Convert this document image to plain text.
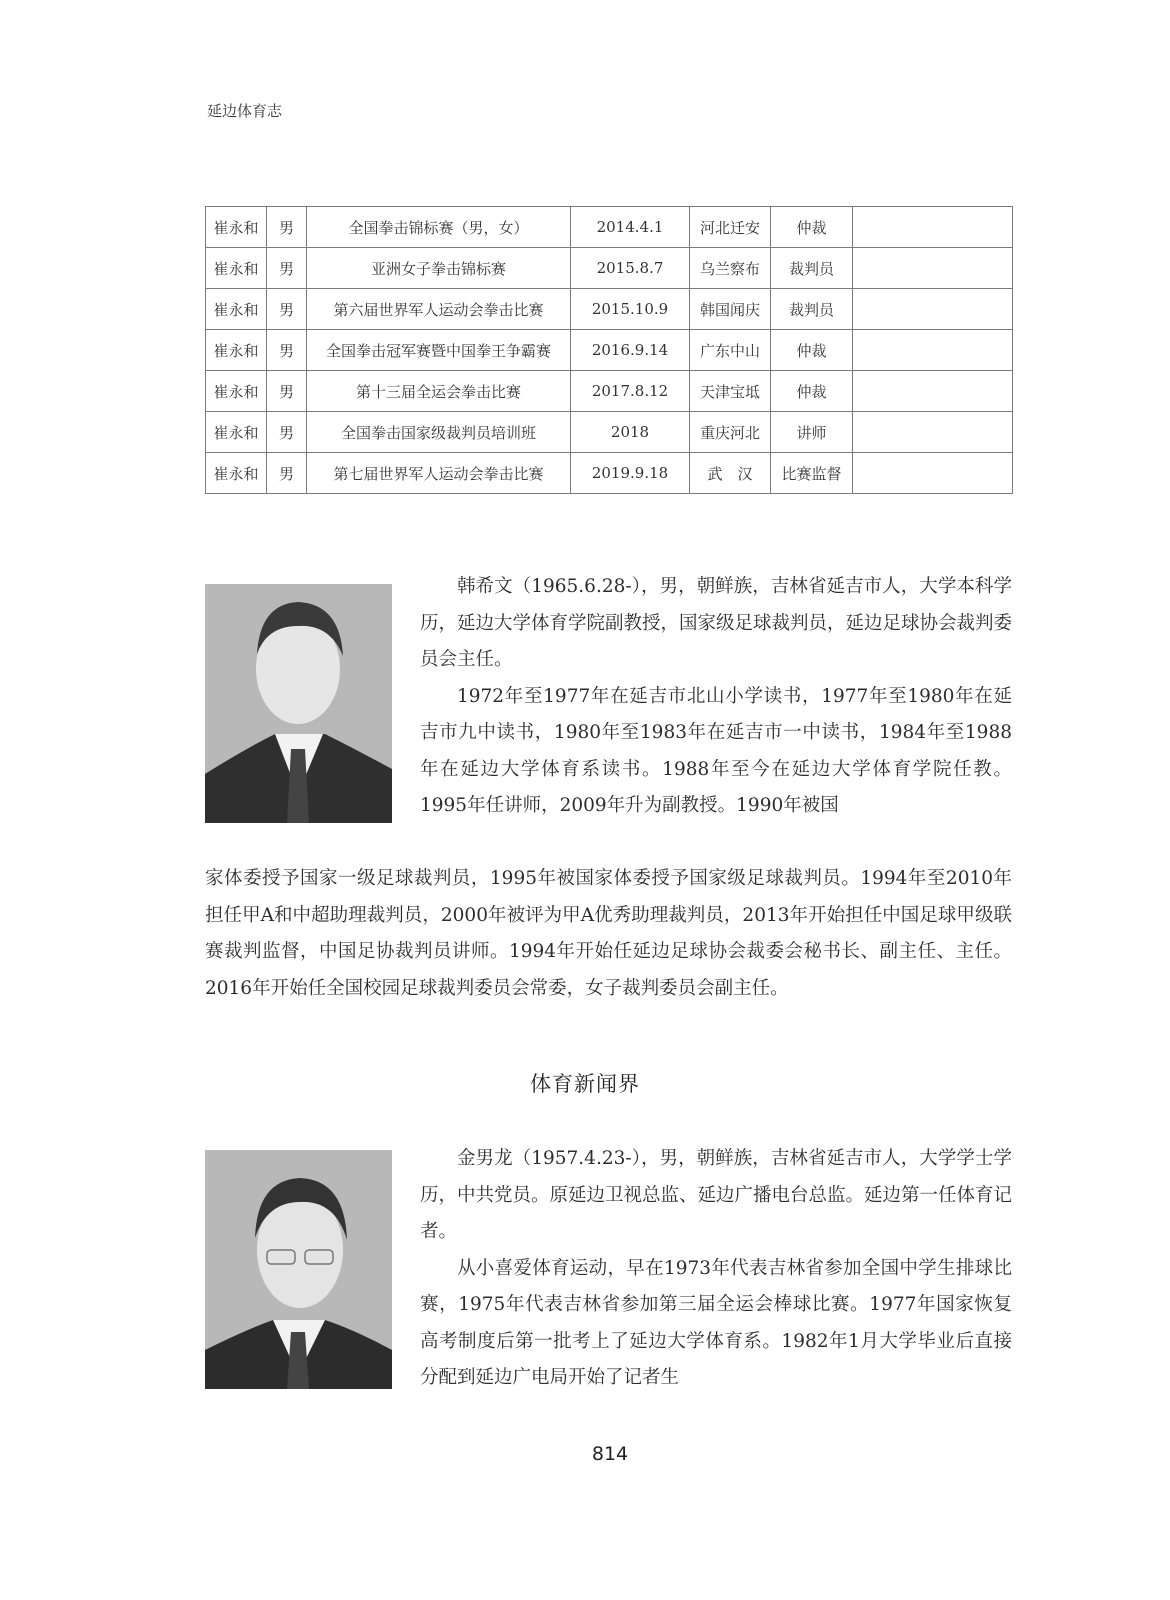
延边体育志
崔永和	男	全国拳击锦标赛（男，女）	2014.4.1	河北迁安	仲裁	
崔永和	男	亚洲女子拳击锦标赛	2015.8.7	乌兰察布	裁判员	
崔永和	男	第六届世界军人运动会拳击比赛	2015.10.9	韩国闻庆	裁判员	
崔永和	男	全国拳击冠军赛暨中国拳王争霸赛	2016.9.14	广东中山	仲裁	
崔永和	男	第十三届全运会拳击比赛	2017.8.12	天津宝坻	仲裁	
崔永和	男	全国拳击国家级裁判员培训班	2018	重庆河北	讲师	
崔永和	男	第七届世界军人运动会拳击比赛	2019.9.18	武　汉	比赛监督	

韩希文（1965.6.28-），男，朝鲜族，吉林省延吉市人，大学本科学历，延边大学体育学院副教授，国家级足球裁判员，延边足球协会裁判委员会主任。

1972年至1977年在延吉市北山小学读书，1977年至1980年在延吉市九中读书，1980年至1983年在延吉市一中读书，1984年至1988年在延边大学体育系读书。1988年至今在延边大学体育学院任教。1995年任讲师，2009年升为副教授。1990年被国

家体委授予国家一级足球裁判员，1995年被国家体委授予国家级足球裁判员。1994年至2010年担任甲A和中超助理裁判员，2000年被评为甲A优秀助理裁判员，2013年开始担任中国足球甲级联赛裁判监督，中国足协裁判员讲师。1994年开始任延边足球协会裁委会秘书长、副主任、主任。2016年开始任全国校园足球裁判委员会常委，女子裁判委员会副主任。

体育新闻界

金男龙（1957.4.23-），男，朝鲜族，吉林省延吉市人，大学学士学历，中共党员。原延边卫视总监、延边广播电台总监。延边第一任体育记者。

从小喜爱体育运动，早在1973年代表吉林省参加全国中学生排球比赛，1975年代表吉林省参加第三届全运会棒球比赛。1977年国家恢复高考制度后第一批考上了延边大学体育系。1982年1月大学毕业后直接分配到延边广电局开始了记者生

814
